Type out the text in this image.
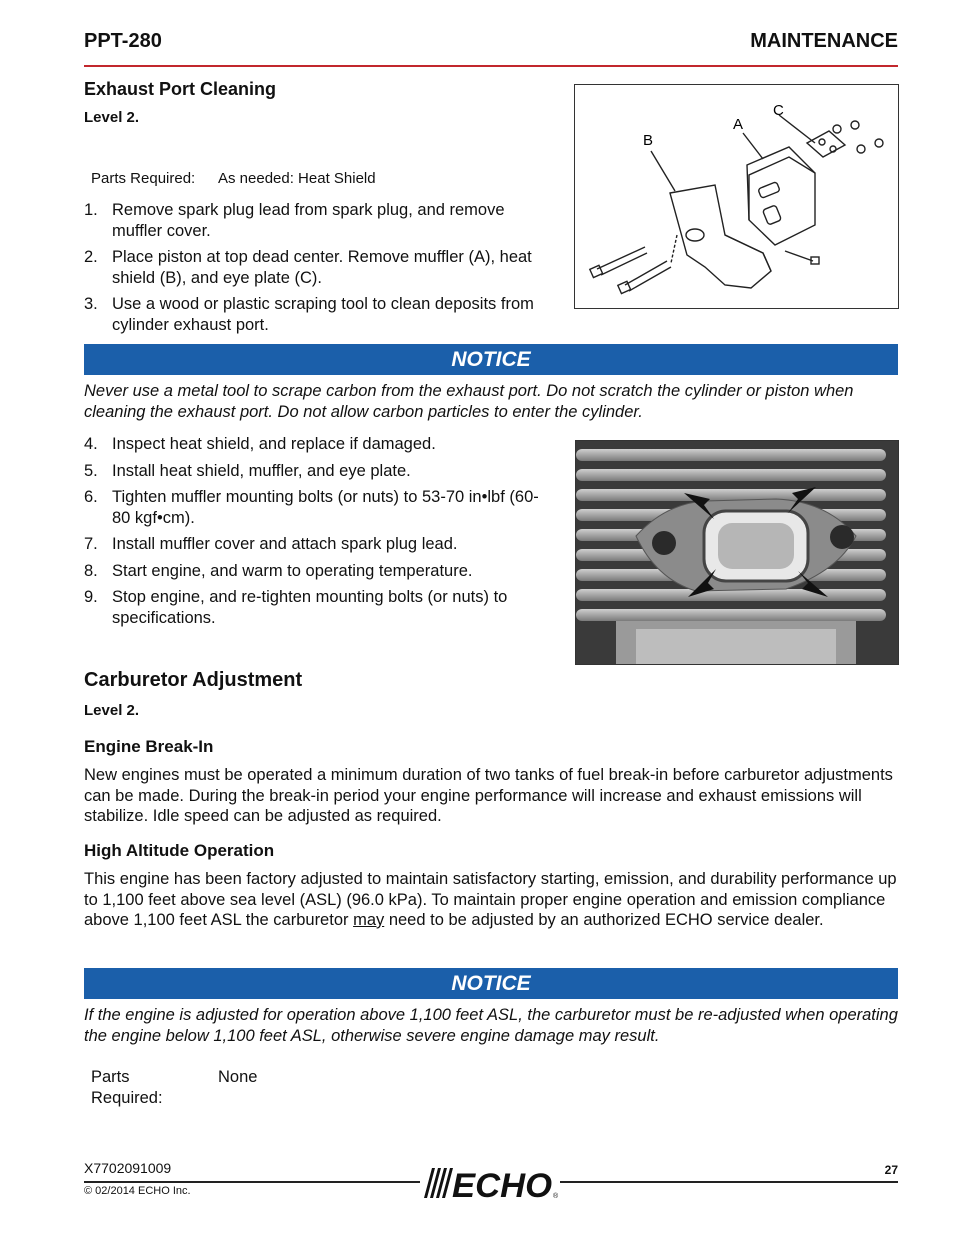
PPT-280	MAINTENANCE
Exhaust Port Cleaning
Level 2.
Parts Required: As needed: Heat Shield
1. Remove spark plug lead from spark plug, and remove muffler cover.
2. Place piston at top dead center. Remove muffler (A), heat shield (B), and eye plate (C).
3. Use a wood or plastic scraping tool to clean deposits from cylinder exhaust port.
B
A
C
NOTICE
Never use a metal tool to scrape carbon from the exhaust port. Do not scratch the cylinder or piston when cleaning the exhaust port. Do not allow carbon particles to enter the cylinder.
4. Inspect heat shield, and replace if damaged.
5. Install heat shield, muffler, and eye plate.
6. Tighten muffler mounting bolts (or nuts) to 53-70 in•lbf (60-80 kgf•cm).
7. Install muffler cover and attach spark plug lead.
8. Start engine, and warm to operating temperature.
9. Stop engine, and re-tighten mounting bolts (or nuts) to specifications.
Carburetor Adjustment
Level 2.
Engine Break-In
New engines must be operated a minimum duration of two tanks of fuel break-in before carburetor adjustments can be made. During the break-in period your engine performance will increase and exhaust emissions will stabilize. Idle speed can be adjusted as required.
High Altitude Operation
This engine has been factory adjusted to maintain satisfactory starting, emission, and durability performance up to 1,100 feet above sea level (ASL) (96.0 kPa). To maintain proper engine operation and emission compliance above 1,100 feet ASL the carburetor may need to be adjusted by an authorized ECHO service dealer.
NOTICE
If the engine is adjusted for operation above 1,100 feet ASL, the carburetor must be re-adjusted when operating the engine below 1,100 feet ASL, otherwise severe engine damage may result.
Parts
Required:
None
X7702091009
© 02/2014 ECHO Inc.
27
ECHO ®
